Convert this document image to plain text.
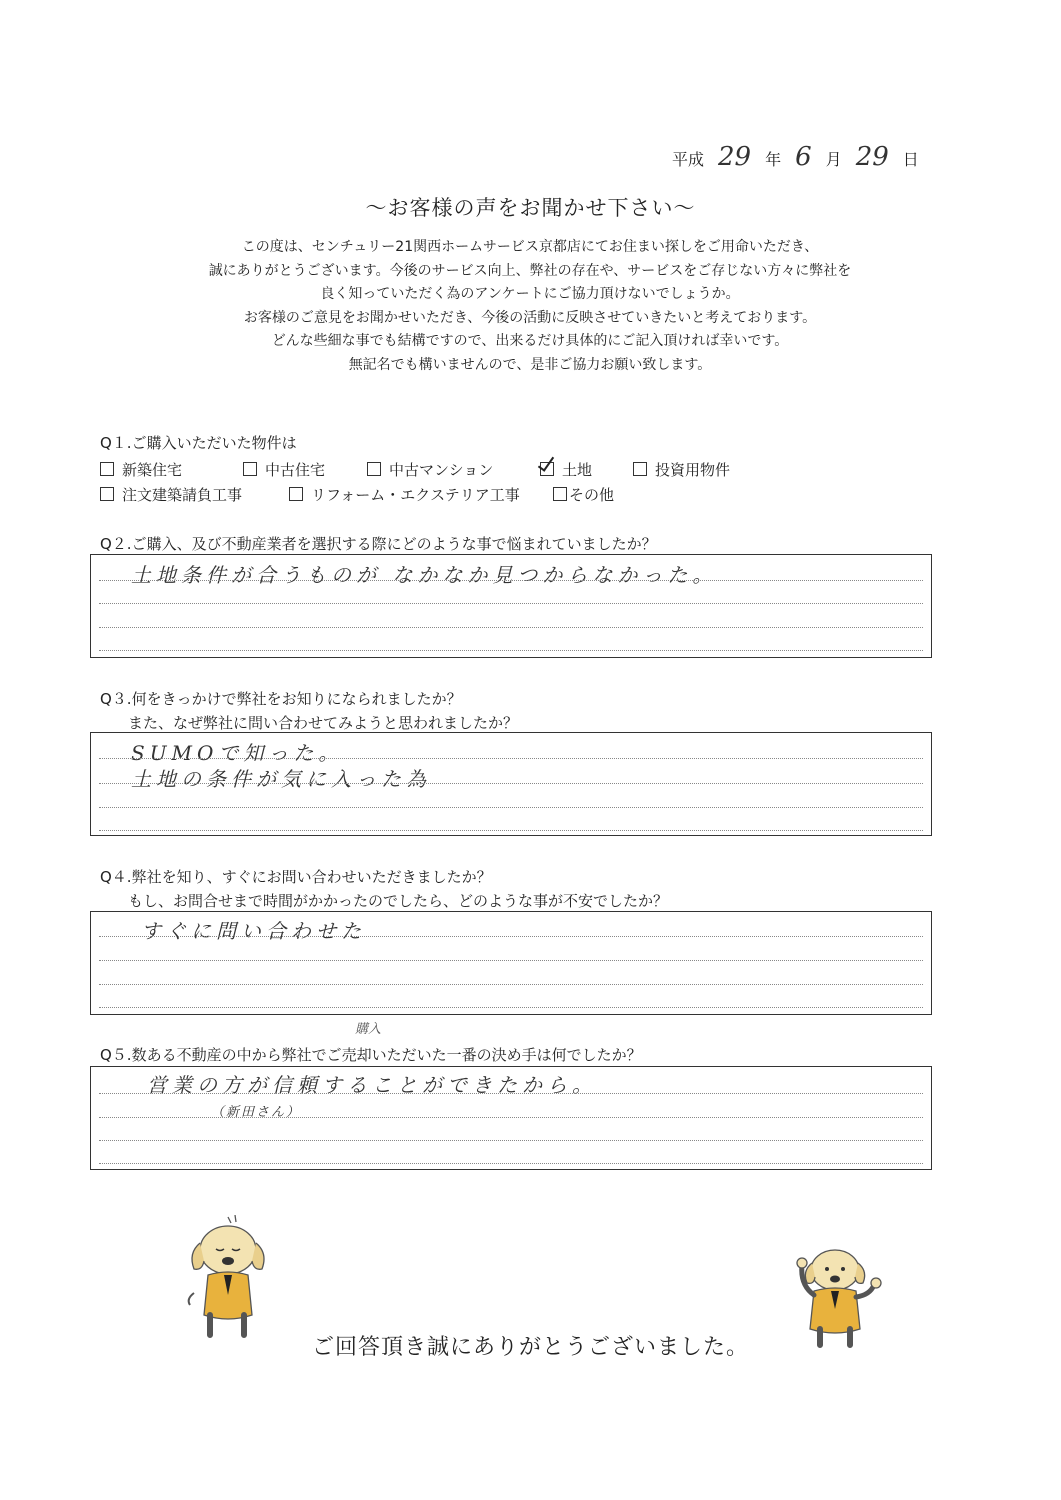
平成 29 年 6 月 29 日
〜お客様の声をお聞かせ下さい〜
この度は、センチュリー21関西ホームサービス京都店にてお住まい探しをご用命いただき、
誠にありがとうございます。今後のサービス向上、弊社の存在や、サービスをご存じない方々に弊社を
良く知っていただく為のアンケートにご協力頂けないでしょうか。
お客様のご意見をお聞かせいただき、今後の活動に反映させていきたいと考えております。
どんな些細な事でも結構ですので、出来るだけ具体的にご記入頂ければ幸いです。
無記名でも構いませんので、是非ご協力お願い致します。
Q１.ご購入いただいた物件は
新築住宅	中古住宅	中古マンション	土地	投資用物件
注文建築請負工事	リフォーム・エクステリア工事	その他
Q２.ご購入、及び不動産業者を選択する際にどのような事で悩まれていましたか？
土地条件が合うものが なかなか見つからなかった。
Q３.何をきっかけで弊社をお知りになられましたか？
また、なぜ弊社に問い合わせてみようと思われましたか？
SUMOで知った。
土地の条件が気に入った為
Q４.弊社を知り、すぐにお問い合わせいただきましたか？
もし、お問合せまで時間がかかったのでしたら、どのような事が不安でしたか？
すぐに問い合わせた
購入
Q５.数ある不動産の中から弊社でご売却いただいた一番の決め手は何でしたか？
営業の方が信頼することができたから。
（新田さん）
ご回答頂き誠にありがとうございました。
